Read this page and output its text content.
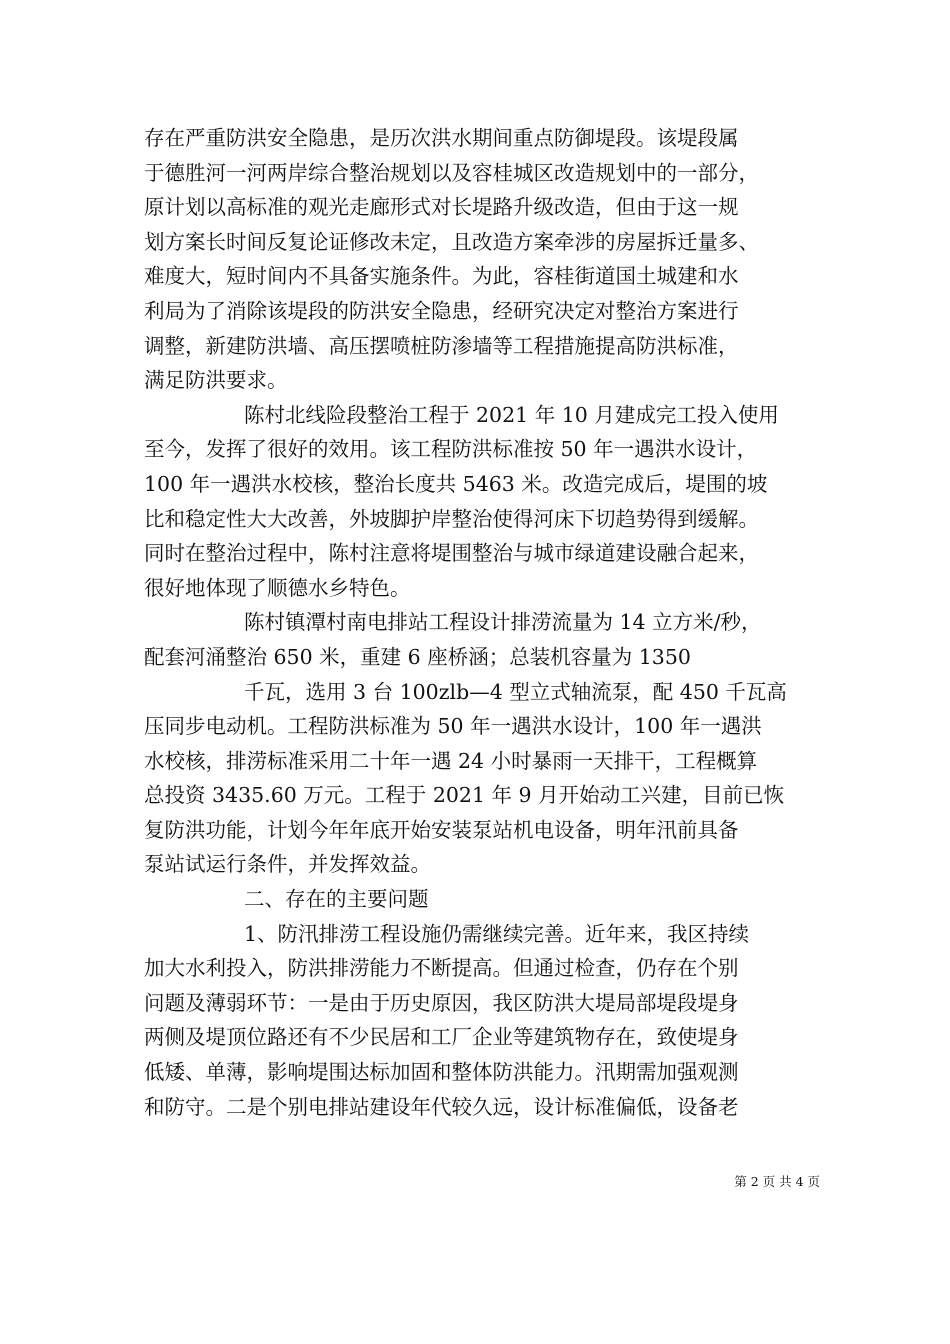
存在严重防洪安全隐患，是历次洪水期间重点防御堤段。该堤段属
于德胜河一河两岸综合整治规划以及容桂城区改造规划中的一部分，
原计划以高标准的观光走廊形式对长堤路升级改造，但由于这一规
划方案长时间反复论证修改未定，且改造方案牵涉的房屋拆迁量多、
难度大，短时间内不具备实施条件。为此，容桂街道国土城建和水
利局为了消除该堤段的防洪安全隐患，经研究决定对整治方案进行
调整，新建防洪墙、高压摆喷桩防渗墙等工程措施提高防洪标准，
满足防洪要求。
陈村北线险段整治工程于 2021 年 10 月建成完工投入使用
至今，发挥了很好的效用。该工程防洪标准按 50 年一遇洪水设计，
100 年一遇洪水校核，整治长度共 5463 米。改造完成后，堤围的坡
比和稳定性大大改善，外坡脚护岸整治使得河床下切趋势得到缓解。
同时在整治过程中，陈村注意将堤围整治与城市绿道建设融合起来，
很好地体现了顺德水乡特色。
陈村镇潭村南电排站工程设计排涝流量为 14 立方米/秒，
配套河涌整治 650 米，重建 6 座桥涵；总装机容量为 1350
千瓦，选用 3 台 100zlb—4 型立式轴流泵，配 450 千瓦高
压同步电动机。工程防洪标准为 50 年一遇洪水设计，100 年一遇洪
水校核，排涝标准采用二十年一遇 24 小时暴雨一天排干，工程概算
总投资 3435.60 万元。工程于 2021 年 9 月开始动工兴建，目前已恢
复防洪功能，计划今年年底开始安装泵站机电设备，明年汛前具备
泵站试运行条件，并发挥效益。
二、存在的主要问题
1、防汛排涝工程设施仍需继续完善。近年来，我区持续
加大水利投入，防洪排涝能力不断提高。但通过检查，仍存在个别
问题及薄弱环节：一是由于历史原因，我区防洪大堤局部堤段堤身
两侧及堤顶位路还有不少民居和工厂企业等建筑物存在，致使堤身
低矮、单薄，影响堤围达标加固和整体防洪能力。汛期需加强观测
和防守。二是个别电排站建设年代较久远，设计标准偏低，设备老
第 2 页 共 4 页
